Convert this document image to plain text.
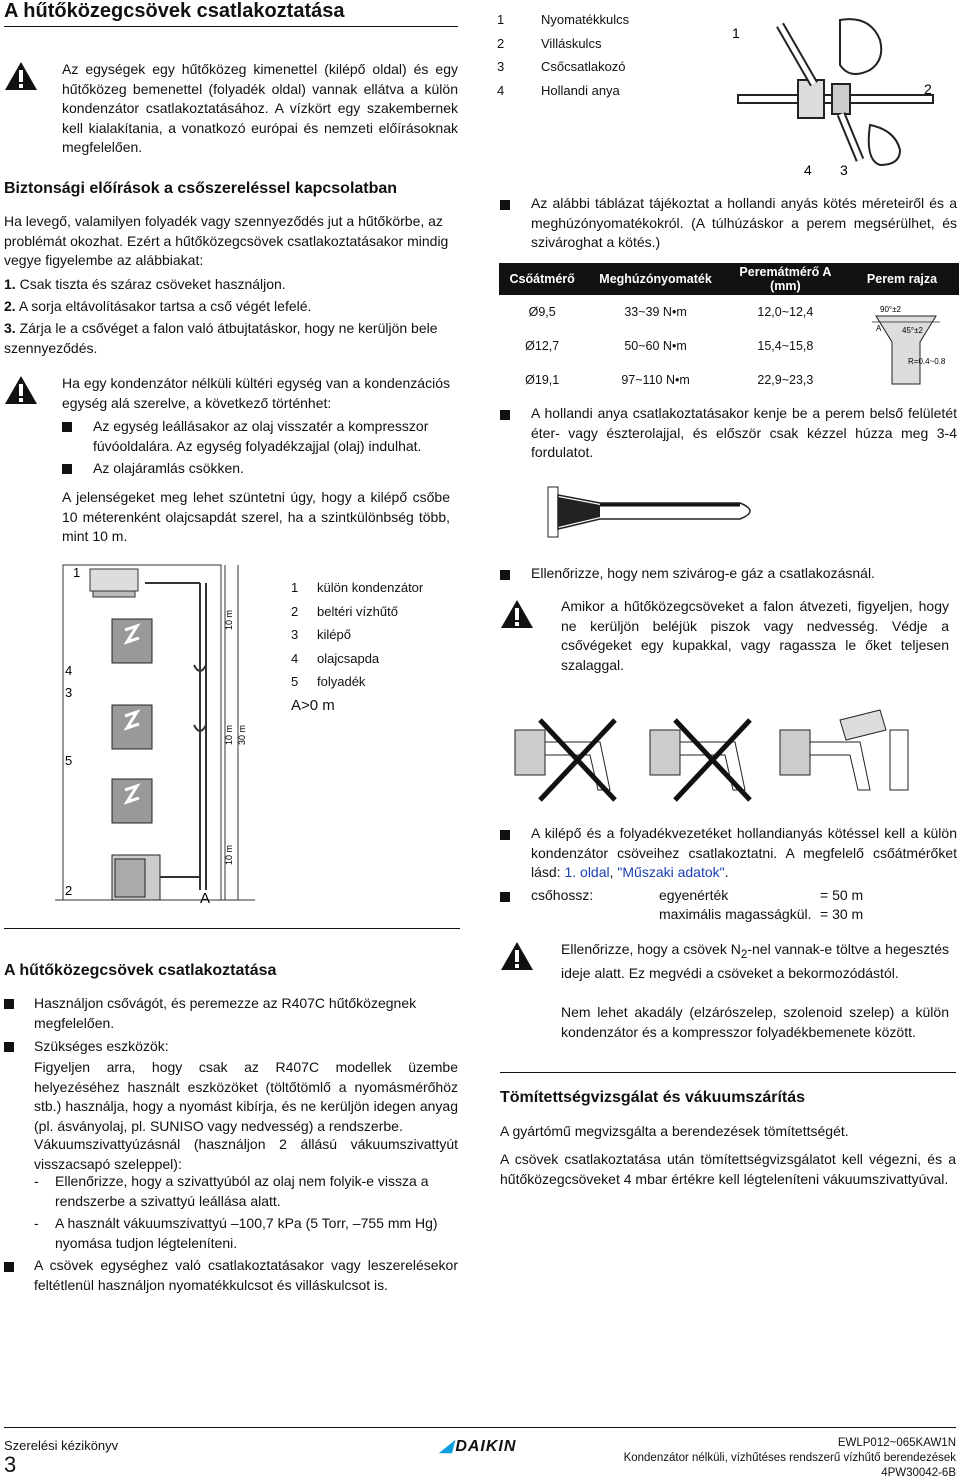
A hűtőközegcsövek csatlakoztatása
Az egységek egy hűtőközeg kimenettel (kilépő oldal) és egy hűtőközeg bemenettel (folyadék oldal) vannak ellátva a külön kondenzátor csatlakoztatásához. A vízkört egy szakembernek kell kialakítania, a vonatkozó európai és nemzeti előírásoknak megfelelően.
Biztonsági előírások a csőszereléssel kapcsolatban
Ha levegő, valamilyen folyadék vagy szennyeződés jut a hűtőkörbe, az problémát okozhat. Ezért a hűtőközegcsövek csatlakoztatásakor mindig vegye figyelembe az alábbiakat:
1. Csak tiszta és száraz csöveket használjon.
2. A sorja eltávolításakor tartsa a cső végét lefelé.
3. Zárja le a csővéget a falon való átbujtatáskor, hogy ne kerüljön bele szennyeződés.
Ha egy kondenzátor nélküli kültéri egység van a kondenzációs egység alá szerelve, a következő történhet:
Az egység leállásakor az olaj visszatér a kompresszor fúvóoldalára. Az egység folyadékzajjal (olaj) indulhat.
Az olajáramlás csökken.
A jelenségeket meg lehet szüntetni úgy, hogy a kilépő csőbe 10 méterenként olajcsapdát szerel, ha a szintkülönbség több, mint 10 m.
1
4
3
5
2	A
10 m
10 m 30 m
10 m
1 külön kondenzátor
2 beltéri vízhűtő
3 kilépő
4 olajcsapda
5 folyadék
A>0 m
A hűtőközegcsövek csatlakoztatása
Használjon csővágót, és peremezze az R407C hűtőközegnek megfelelően.
Szükséges eszközök:
Figyeljen arra, hogy csak az R407C modellek üzembe helyezéséhez használt eszközöket (töltőtömlő a nyomásmérőhöz stb.) használja, hogy a nyomást kibírja, és ne kerüljön idegen anyag (pl. ásványolaj, pl. SUNISO vagy nedvesség) a rendszerbe.
Vákuumszivattyúzásnál (használjon 2 állású vákuumszivattyút visszacsapó szeleppel):
- Ellenőrizze, hogy a szivattyúból az olaj nem folyik-e vissza a rendszerbe a szivattyú leállása alatt.
- A használt vákuumszivattyú –100,7 kPa (5 Torr, –755 mm Hg) nyomása tudjon légteleníteni.
A csövek egységhez való csatlakoztatásakor vagy leszerelésekor feltétlenül használjon nyomatékkulcsot és villáskulcsot is.
1	Nyomatékkulcs
2	Villáskulcs
3	Csőcsatlakozó
4	Hollandi anya
1
2
4 3
Az alábbi táblázat tájékoztat a hollandi anyás kötés méreteiről és a meghúzónyomatékokról. (A túlhúzáskor a perem megsérülhet, és szivároghat a kötés.)
Csőátmérő	Meghúzónyomaték	Peremátmérő A (mm)	Perem rajza
Ø9,5	33~39 N•m	12,0~12,4	90°±2
45°±2
A
R=0.4~0.8

Ø12,7	50~60 N•m	15,4~15,8	
Ø19,1	97~110 N•m	22,9~23,3	
A hollandi anya csatlakoztatásakor kenje be a perem belső felületét éter- vagy észterolajjal, és először csak kézzel húzza meg 3-4 fordulatot.
Ellenőrizze, hogy nem szivárog-e gáz a csatlakozásnál.
Amikor a hűtőközegcsöveket a falon átvezeti, figyeljen, hogy ne kerüljön beléjük piszok vagy nedvesség. Védje a csővégeket egy kupakkal, vagy ragassza le őket teljesen szalaggal.
A kilépő és a folyadékvezetéket hollandianyás kötéssel kell a külön kondenzátor csöveihez csatlakoztatni. A megfelelő csőátmérőket lásd: 1. oldal, "Műszaki adatok".
csőhossz:	egyenérték	= 50 m
maximális magasságkül. = 30 m
Ellenőrizze, hogy a csövek $N_2$-nel vannak-e töltve a hegesztés ideje alatt. Ez megvédi a csöveket a bekormozódástól.
Nem lehet akadály (elzárószelep, szolenoid szelep) a külön kondenzátor és a kompresszor folyadékbemenete között.
Tömítettségvizsgálat és vákuumszárítás
A gyártómű megvizsgálta a berendezések tömítettségét.
A csövek csatlakoztatása után tömítettségvizsgálatot kell végezni, és a hűtőközegcsöveket 4 mbar értékre kell légteleníteni vákuumszivattyúval.
Szerelési kézikönyv
3
◢ DAIKIN	EWLP012~065KAW1N
Kondenzátor nélküli, vízhűtéses rendszerű vízhűtő berendezések
4PW30042-6B
